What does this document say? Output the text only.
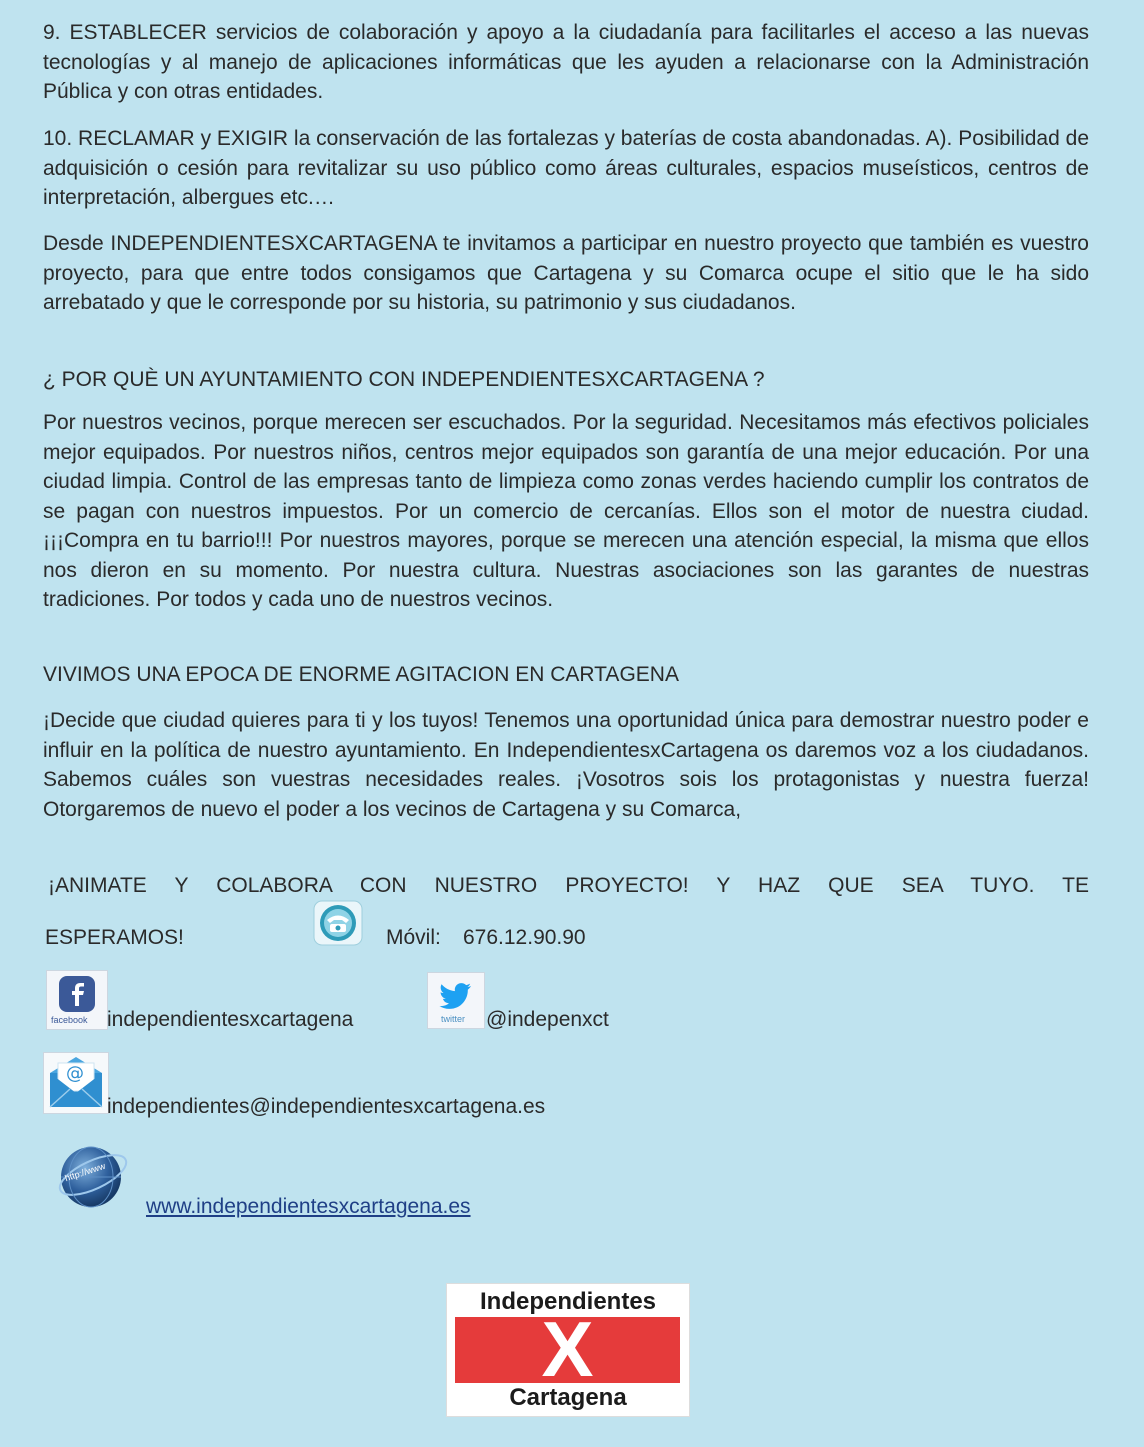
9. ESTABLECER servicios de colaboración y apoyo a la ciudadanía para facilitarles el acceso a las nuevas tecnologías y al manejo de aplicaciones informáticas que les ayuden a relacionarse con la Administración Pública y con otras entidades.

10. RECLAMAR y EXIGIR la conservación de las fortalezas y baterías de costa abandonadas. A). Posibilidad de adquisición o cesión para revitalizar su uso público como áreas culturales, espacios museísticos, centros de interpretación, albergues etc.…

Desde INDEPENDIENTESXCARTAGENA te invitamos a participar en nuestro proyecto que también es vuestro proyecto, para que entre todos consigamos que Cartagena y su Comarca ocupe el sitio que le ha sido arrebatado y que le corresponde por su historia, su patrimonio y sus ciudadanos.

¿ POR QUÈ UN AYUNTAMIENTO CON INDEPENDIENTESXCARTAGENA ?

Por nuestros vecinos, porque merecen ser escuchados. Por la seguridad. Necesitamos más efectivos policiales mejor equipados. Por nuestros niños, centros mejor equipados son garantía de una mejor educación. Por una ciudad limpia. Control de las empresas tanto de limpieza como zonas verdes haciendo cumplir los contratos de se pagan con nuestros impuestos. Por un comercio de cercanías. Ellos son el motor de nuestra ciudad. ¡¡¡Compra en tu barrio!!! Por nuestros mayores, porque se merecen una atención especial, la misma que ellos nos dieron en su momento. Por nuestra cultura. Nuestras asociaciones son las garantes de nuestras tradiciones. Por todos y cada uno de nuestros vecinos.

VIVIMOS UNA EPOCA DE ENORME AGITACION EN CARTAGENA

¡Decide que ciudad quieres para ti y los tuyos! Tenemos una oportunidad única para demostrar nuestro poder e influir en la política de nuestro ayuntamiento. En IndependientesxCartagena os daremos voz a los ciudadanos. Sabemos cuáles son vuestras necesidades reales. ¡Vosotros sois los protagonistas y nuestra fuerza! Otorgaremos de nuevo el poder a los vecinos de Cartagena y su Comarca,

¡ANIMATE Y COLABORA CON NUESTRO PROYECTO! Y HAZ QUE SEA TUYO. TE

ESPERAMOS!	Móvil: 676.12.90.90
facebook independientesxcartagena	twitter @indepenxct
@
independientes@independientesxcartagena.es
http://www
www.independientesxcartagena.es
Independientes
X
Cartagena
